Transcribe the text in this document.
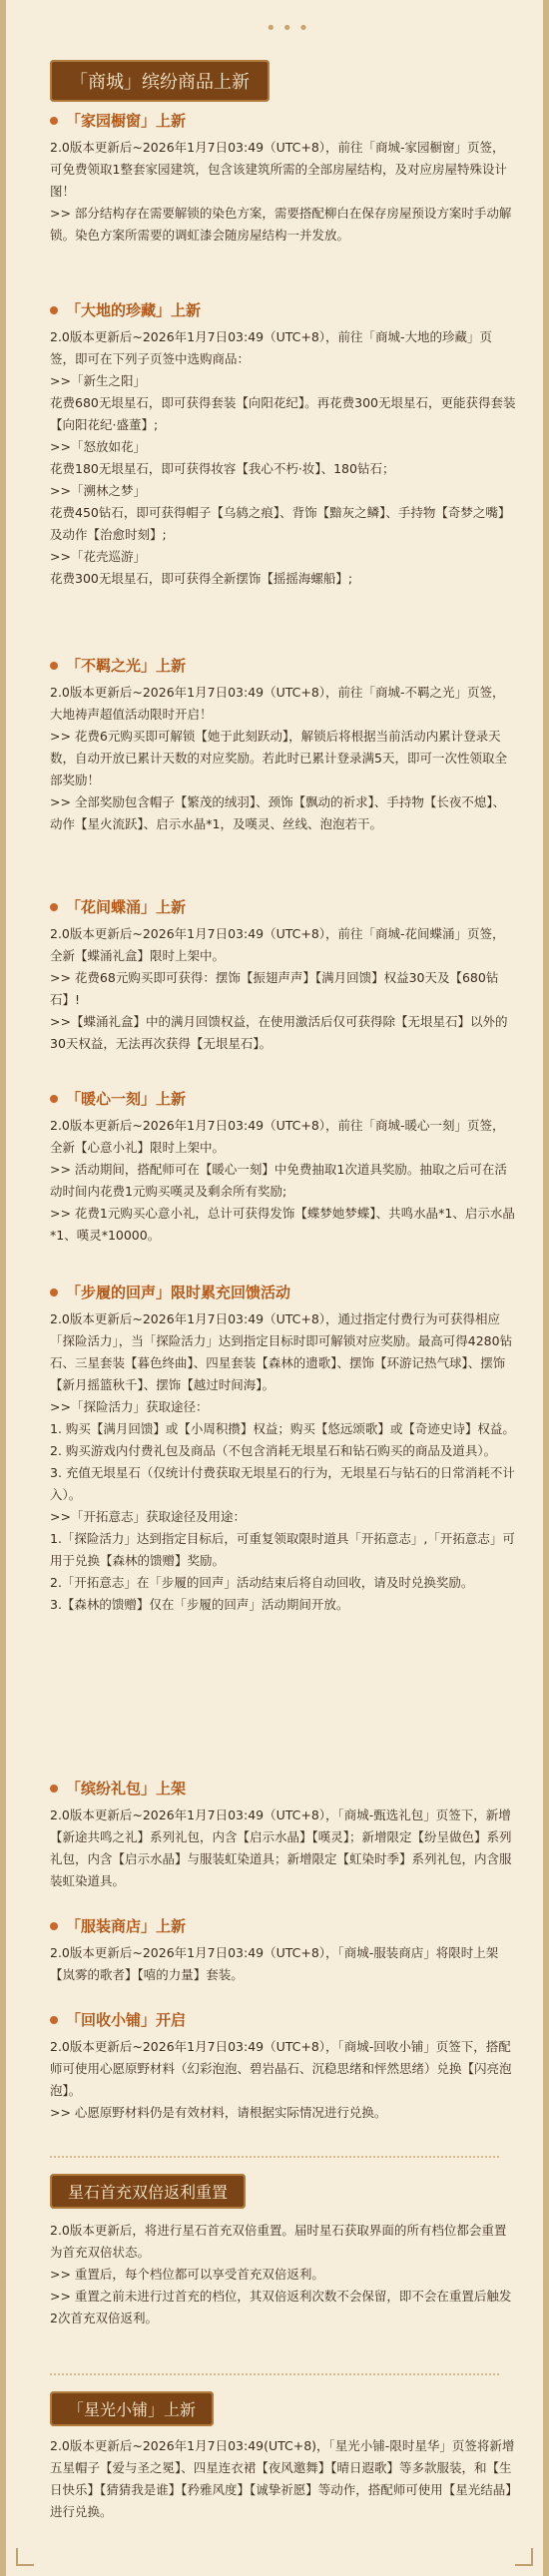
• • •
「商城」缤纷商品上新
「家园橱窗」上新

2.0版本更新后~2026年1月7日03:49（UTC+8），前往「商城-家园橱窗」页签，可免费领取1整套家园建筑，包含该建筑所需的全部房屋结构，及对应房屋特殊设计图！

>> 部分结构存在需要解锁的染色方案，需要搭配柳白在保存房屋预设方案时手动解锁。染色方案所需要的调虹漆会随房屋结构一并发放。

「大地的珍藏」上新

2.0版本更新后~2026年1月7日03:49（UTC+8），前往「商城-大地的珍藏」页签，即可在下列子页签中选购商品：

>>「新生之阳」

花费680无垠星石，即可获得套装【向阳花纪】。再花费300无垠星石，更能获得套装【向阳花纪·盛董】;

>>「怒放如花」

花费180无垠星石，即可获得妆容【我心不朽·妆】、180钻石；

>>「溯林之梦」

花费450钻石，即可获得帽子【乌鸫之痕】、背饰【黯灰之鳞】、手持物【奇梦之嘴】及动作【治愈时刻】;

>>「花壳巡游」

花费300无垠星石，即可获得全新摆饰【摇摇海螺船】;

「不羁之光」上新

2.0版本更新后~2026年1月7日03:49（UTC+8），前往「商城-不羁之光」页签，大地祷声超值活动限时开启！

>> 花费6元购买即可解锁【她于此刻跃动】，解锁后将根据当前活动内累计登录天数，自动开放已累计天数的对应奖励。若此时已累计登录满5天，即可一次性领取全部奖励！

>> 全部奖励包含帽子【繁茂的绒羽】、颈饰【飘动的祈求】、手持物【长夜不熄】、动作【星火流跃】、启示水晶*1，及嘆灵、丝线、泡泡若干。

「花间蝶涌」上新

2.0版本更新后~2026年1月7日03:49（UTC+8），前往「商城-花间蝶涌」页签，全新【蝶涌礼盒】限时上架中。

>> 花费68元购买即可获得：摆饰【振翅声声】【满月回馈】权益30天及【680钻石】!

>>【蝶涌礼盒】中的满月回馈权益，在使用激活后仅可获得除【无垠星石】以外的30天权益，无法再次获得【无垠星石】。

「暖心一刻」上新

2.0版本更新后~2026年1月7日03:49（UTC+8），前往「商城-暖心一刻」页签，全新【心意小礼】限时上架中。

>> 活动期间，搭配师可在【暖心一刻】中免费抽取1次道具奖励。抽取之后可在活动时间内花费1元购买嘆灵及剩余所有奖励;

>> 花费1元购买心意小礼，总计可获得发饰【蝶梦她梦蝶】、共鸣水晶*1、启示水晶*1、嘆灵*10000。

「步履的回声」限时累充回馈活动

2.0版本更新后~2026年1月7日03:49（UTC+8），通过指定付费行为可获得相应「探险活力」，当「探险活力」达到指定目标时即可解锁对应奖励。最高可得4280钻石、三星套装【暮色终曲】、四星套装【森林的遗歌】、摆饰【环游记热气球】、摆饰【新月摇篮秋千】、摆饰【越过时间海】。

>>「探险活力」获取途径：

1. 购买【满月回馈】或【小周积攒】权益；购买【悠远颂歌】或【奇迹史诗】权益。

2. 购买游戏内付费礼包及商品（不包含消耗无垠星石和钻石购买的商品及道具）。

3. 充值无垠星石（仅统计付费获取无垠星石的行为，无垠星石与钻石的日常消耗不计入）。

>>「开拓意志」获取途径及用途：

1.「探险活力」达到指定目标后，可重复领取限时道具「开拓意志」,「开拓意志」可用于兑换【森林的馈赠】奖励。

2.「开拓意志」在「步履的回声」活动结束后将自动回收，请及时兑换奖励。

3.【森林的馈赠】仅在「步履的回声」活动期间开放。

「缤纷礼包」上架

2.0版本更新后~2026年1月7日03:49（UTC+8），「商城-甄选礼包」页签下，新增【新途共鸣之礼】系列礼包，内含【启示水晶】【嘆灵】；新增限定【纷呈做色】系列礼包，内含【启示水晶】与服装虹染道具；新增限定【虹染时季】系列礼包，内含服装虹染道具。

「服装商店」上新

2.0版本更新后~2026年1月7日03:49（UTC+8），「商城-服装商店」将限时上架【岚雾的歌者】【嘻的力量】套装。

「回收小铺」开启

2.0版本更新后~2026年1月7日03:49（UTC+8），「商城-回收小铺」页签下，搭配师可使用心愿原野材料（幻彩泡泡、碧岩晶石、沉稳思绪和怦然思绪）兑换【闪亮泡泡】。

>> 心愿原野材料仍是有效材料，请根据实际情况进行兑换。

星石首充双倍返利重置

2.0版本更新后，将进行星石首充双倍重置。届时星石获取界面的所有档位都会重置为首充双倍状态。

>> 重置后，每个档位都可以享受首充双倍返利。

>> 重置之前未进行过首充的档位，其双倍返利次数不会保留，即不会在重置后触发2次首充双倍返利。

「星光小铺」上新

2.0版本更新后~2026年1月7日03:49(UTC+8)，「星光小铺-限时星华」页签将新增五星帽子【爱与圣之冕】、四星连衣裙【夜风邀舞】【晴日遐歌】等多款服装，和【生日快乐】【猜猜我是谁】【矜雅风度】【诚挚祈愿】等动作，搭配师可使用【星光结晶】进行兑换。
